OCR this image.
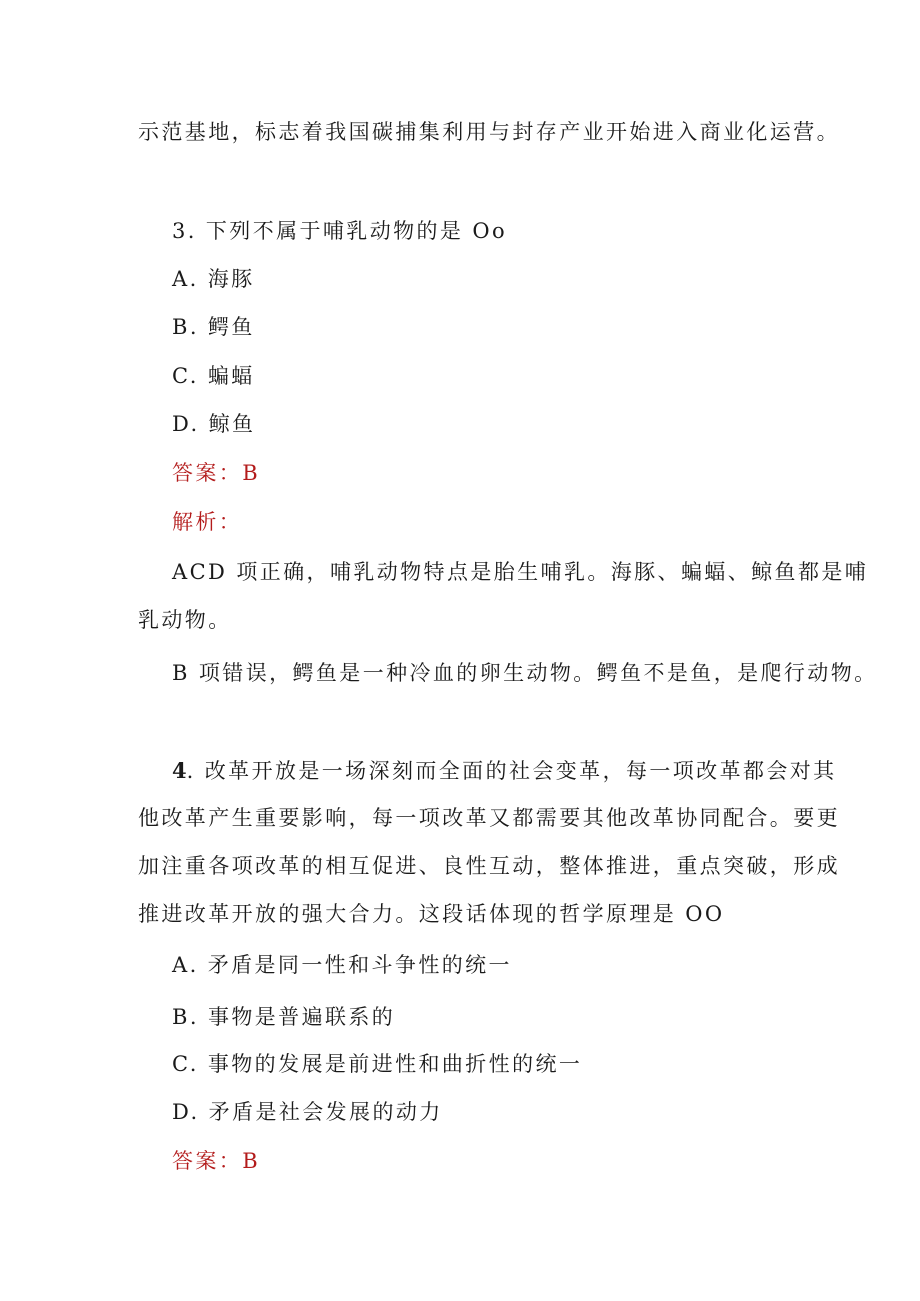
示范基地，标志着我国碳捕集利用与封存产业开始进入商业化运营。
3. 下列不属于哺乳动物的是 Oo
A. 海豚
B. 鳄鱼
C. 蝙蝠
D. 鲸鱼
答案：B
解析：
ACD 项正确，哺乳动物特点是胎生哺乳。海豚、蝙蝠、鲸鱼都是哺
乳动物。
B 项错误，鳄鱼是一种冷血的卵生动物。鳄鱼不是鱼，是爬行动物。
4. 改革开放是一场深刻而全面的社会变革，每一项改革都会对其
他改革产生重要影响，每一项改革又都需要其他改革协同配合。要更
加注重各项改革的相互促进、良性互动，整体推进，重点突破，形成
推进改革开放的强大合力。这段话体现的哲学原理是 OO
A. 矛盾是同一性和斗争性的统一
B. 事物是普遍联系的
C. 事物的发展是前进性和曲折性的统一
D. 矛盾是社会发展的动力
答案：B
